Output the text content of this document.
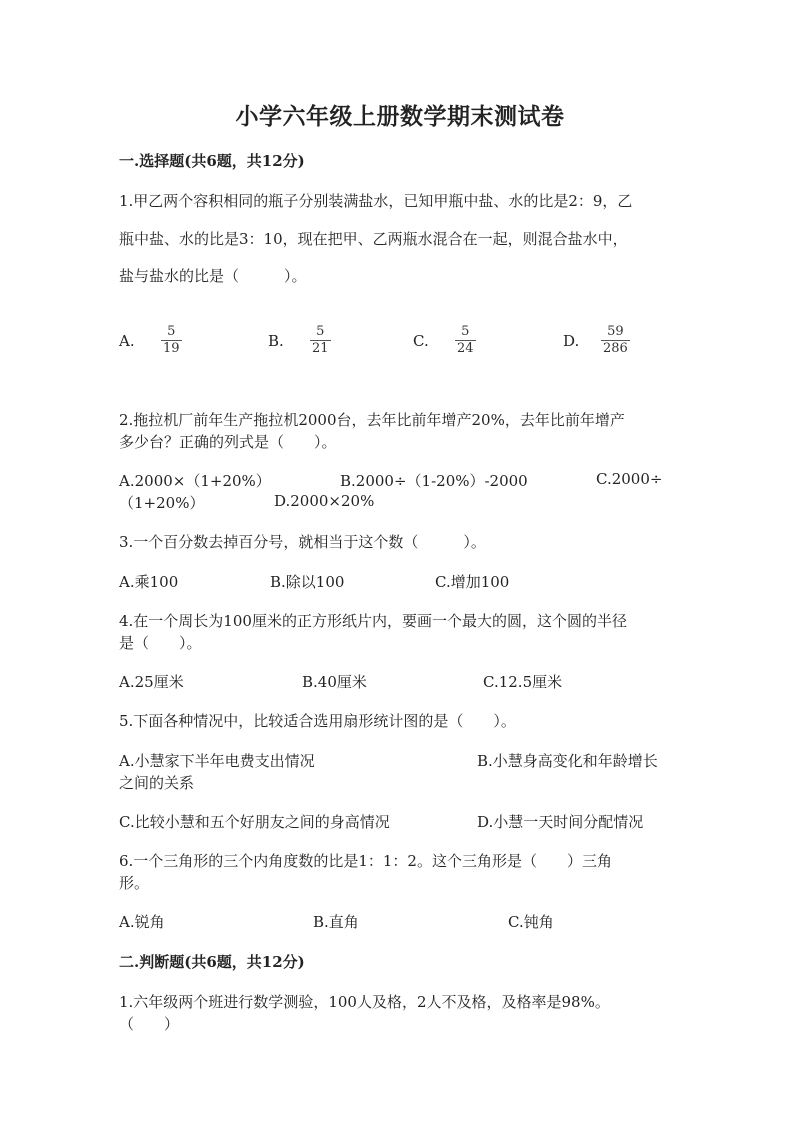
小学六年级上册数学期末测试卷
一.选择题(共6题，共12分)
1.甲乙两个容积相同的瓶子分别装满盐水，已知甲瓶中盐、水的比是2：9，乙
瓶中盐、水的比是3：10，现在把甲、乙两瓶水混合在一起，则混合盐水中，
盐与盐水的比是（　　　）。
A.
5
19	B.
5
21	C.
5
24	D.
59
286
2.拖拉机厂前年生产拖拉机2000台，去年比前年增产20%，去年比前年增产
多少台？正确的列式是（　　）。
A.2000×（1+20%）	B.2000÷（1-20%）-2000	C.2000÷
（1+20%）	D.2000×20%
3.一个百分数去掉百分号，就相当于这个数（　　　）。
A.乘100	B.除以100	C.增加100
4.在一个周长为100厘米的正方形纸片内，要画一个最大的圆，这个圆的半径
是（　　）。
A.25厘米	B.40厘米	C.12.5厘米
5.下面各种情况中，比较适合选用扇形统计图的是（　　）。
A.小慧家下半年电费支出情况	B.小慧身高变化和年龄增长
之间的关系
C.比较小慧和五个好朋友之间的身高情况	D.小慧一天时间分配情况
6.一个三角形的三个内角度数的比是1：1：2。这个三角形是（　　）三角
形。
A.锐角	B.直角	C.钝角
二.判断题(共6题，共12分)
1.六年级两个班进行数学测验，100人及格，2人不及格，及格率是98%。
（　　）
